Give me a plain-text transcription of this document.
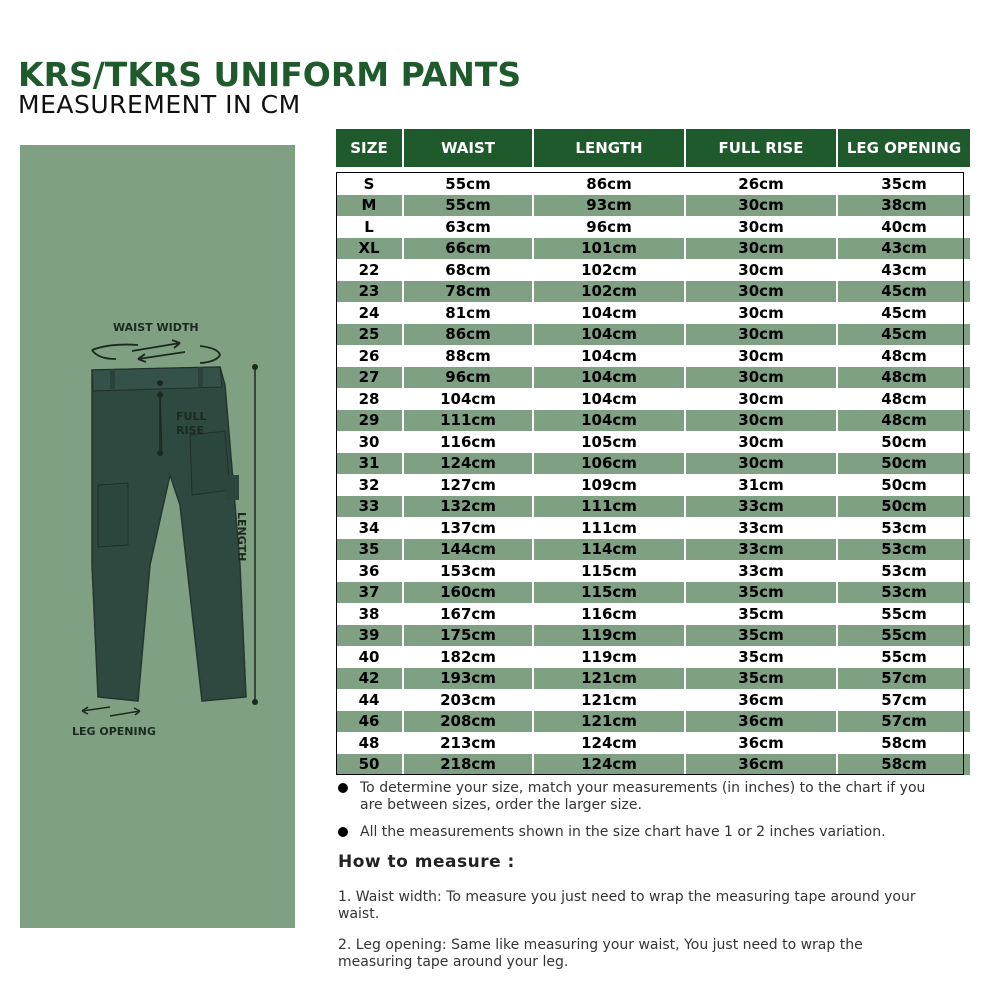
KRS/TKRS UNIFORM PANTS
MEASUREMENT IN CM
WAIST WIDTH
FULL RISE
LENGTH
LEG OPENING
SIZE	WAIST	LENGTH	FULL RISE	LEG OPENING

S	55cm	86cm	26cm	35cm
M	55cm	93cm	30cm	38cm
L	63cm	96cm	30cm	40cm
XL	66cm	101cm	30cm	43cm
22	68cm	102cm	30cm	43cm
23	78cm	102cm	30cm	45cm
24	81cm	104cm	30cm	45cm
25	86cm	104cm	30cm	45cm
26	88cm	104cm	30cm	48cm
27	96cm	104cm	30cm	48cm
28	104cm	104cm	30cm	48cm
29	111cm	104cm	30cm	48cm
30	116cm	105cm	30cm	50cm
31	124cm	106cm	30cm	50cm
32	127cm	109cm	31cm	50cm
33	132cm	111cm	33cm	50cm
34	137cm	111cm	33cm	53cm
35	144cm	114cm	33cm	53cm
36	153cm	115cm	33cm	53cm
37	160cm	115cm	35cm	53cm
38	167cm	116cm	35cm	55cm
39	175cm	119cm	35cm	55cm
40	182cm	119cm	35cm	55cm
42	193cm	121cm	35cm	57cm
44	203cm	121cm	36cm	57cm
46	208cm	121cm	36cm	57cm
48	213cm	124cm	36cm	58cm
50	218cm	124cm	36cm	58cm
To determine your size, match your measurements (in inches) to the chart if you are between sizes, order the larger size.
All the measurements shown in the size chart have 1 or 2 inches variation.
How to measure :
1. Waist width: To measure you just need to wrap the measuring tape around your waist.
2. Leg opening: Same like measuring your waist, You just need to wrap the measuring tape around your leg.
